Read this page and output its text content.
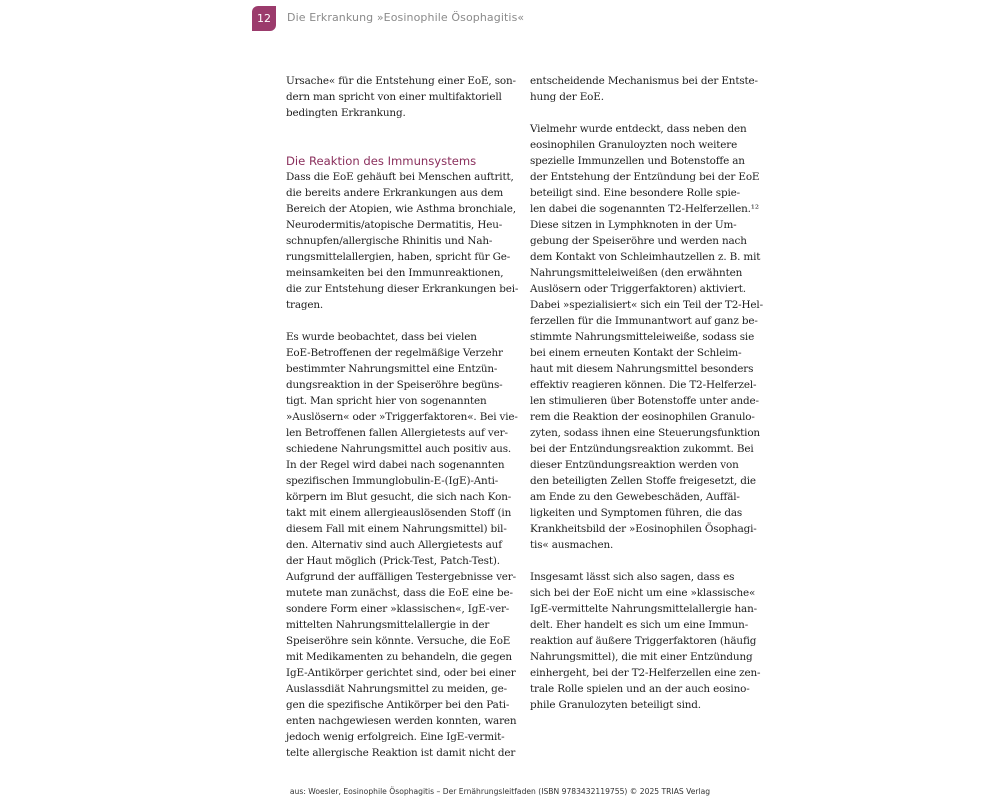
12	Die Erkrankung »Eosinophile Ösophagitis«
Ursache« für die Entstehung einer EoE, son-
dern man spricht von einer multifaktoriell
bedingten Erkrankung.
Die Reaktion des Immunsystems
Dass die EoE gehäuft bei Menschen auftritt,
die bereits andere Erkrankungen aus dem
Bereich der Atopien, wie Asthma bronchiale,
Neurodermitis/atopische Dermatitis, Heu-
schnupfen/allergische Rhinitis und Nah-
rungsmittelallergien, haben, spricht für Ge-
meinsamkeiten bei den Immunreaktionen,
die zur Entstehung dieser Erkrankungen bei-
tragen.
Es wurde beobachtet, dass bei vielen
EoE-Betroffenen der regelmäßige Verzehr
bestimmter Nahrungsmittel eine Entzün-
dungsreaktion in der Speiseröhre begüns-
tigt. Man spricht hier von sogenannten
»Auslösern« oder »Triggerfaktoren«. Bei vie-
len Betroffenen fallen Allergietests auf ver-
schiedene Nahrungsmittel auch positiv aus.
In der Regel wird dabei nach sogenannten
spezifischen Immunglobulin-E-(IgE)-Anti-
körpern im Blut gesucht, die sich nach Kon-
takt mit einem allergieauslösenden Stoff (in
diesem Fall mit einem Nahrungsmittel) bil-
den. Alternativ sind auch Allergietests auf
der Haut möglich (Prick-Test, Patch-Test).
Aufgrund der auffälligen Testergebnisse ver-
mutete man zunächst, dass die EoE eine be-
sondere Form einer »klassischen«, IgE-ver-
mittelten Nahrungsmittelallergie in der
Speiseröhre sein könnte. Versuche, die EoE
mit Medikamenten zu behandeln, die gegen
IgE-Antikörper gerichtet sind, oder bei einer
Auslassdiät Nahrungsmittel zu meiden, ge-
gen die spezifische Antikörper bei den Pati-
enten nachgewiesen werden konnten, waren
jedoch wenig erfolgreich. Eine IgE-vermit-
telte allergische Reaktion ist damit nicht der
entscheidende Mechanismus bei der Entste-
hung der EoE.
Vielmehr wurde entdeckt, dass neben den
eosinophilen Granuloyzten noch weitere
spezielle Immunzellen und Botenstoffe an
der Entstehung der Entzündung bei der EoE
beteiligt sind. Eine besondere Rolle spie-
len dabei die sogenannten T2-Helferzellen.¹²
Diese sitzen in Lymphknoten in der Um-
gebung der Speiseröhre und werden nach
dem Kontakt von Schleimhautzellen z. B. mit
Nahrungsmitteleiweißen (den erwähnten
Auslösern oder Triggerfaktoren) aktiviert.
Dabei »spezialisiert« sich ein Teil der T2-Hel-
ferzellen für die Immunantwort auf ganz be-
stimmte Nahrungsmitteleiweiße, sodass sie
bei einem erneuten Kontakt der Schleim-
haut mit diesem Nahrungsmittel besonders
effektiv reagieren können. Die T2-Helferzel-
len stimulieren über Botenstoffe unter ande-
rem die Reaktion der eosinophilen Granulo-
zyten, sodass ihnen eine Steuerungsfunktion
bei der Entzündungsreaktion zukommt. Bei
dieser Entzündungsreaktion werden von
den beteiligten Zellen Stoffe freigesetzt, die
am Ende zu den Gewebeschäden, Auffäl-
ligkeiten und Symptomen führen, die das
Krankheitsbild der »Eosinophilen Ösophagi-
tis« ausmachen.
Insgesamt lässt sich also sagen, dass es
sich bei der EoE nicht um eine »klassische«
IgE-vermittelte Nahrungsmittelallergie han-
delt. Eher handelt es sich um eine Immun-
reaktion auf äußere Triggerfaktoren (häufig
Nahrungsmittel), die mit einer Entzündung
einhergeht, bei der T2-Helferzellen eine zen-
trale Rolle spielen und an der auch eosino-
phile Granulozyten beteiligt sind.
aus: Woesler, Eosinophile Ösophagitis – Der Ernährungsleitfaden (ISBN 9783432119755) © 2025 TRIAS Verlag
